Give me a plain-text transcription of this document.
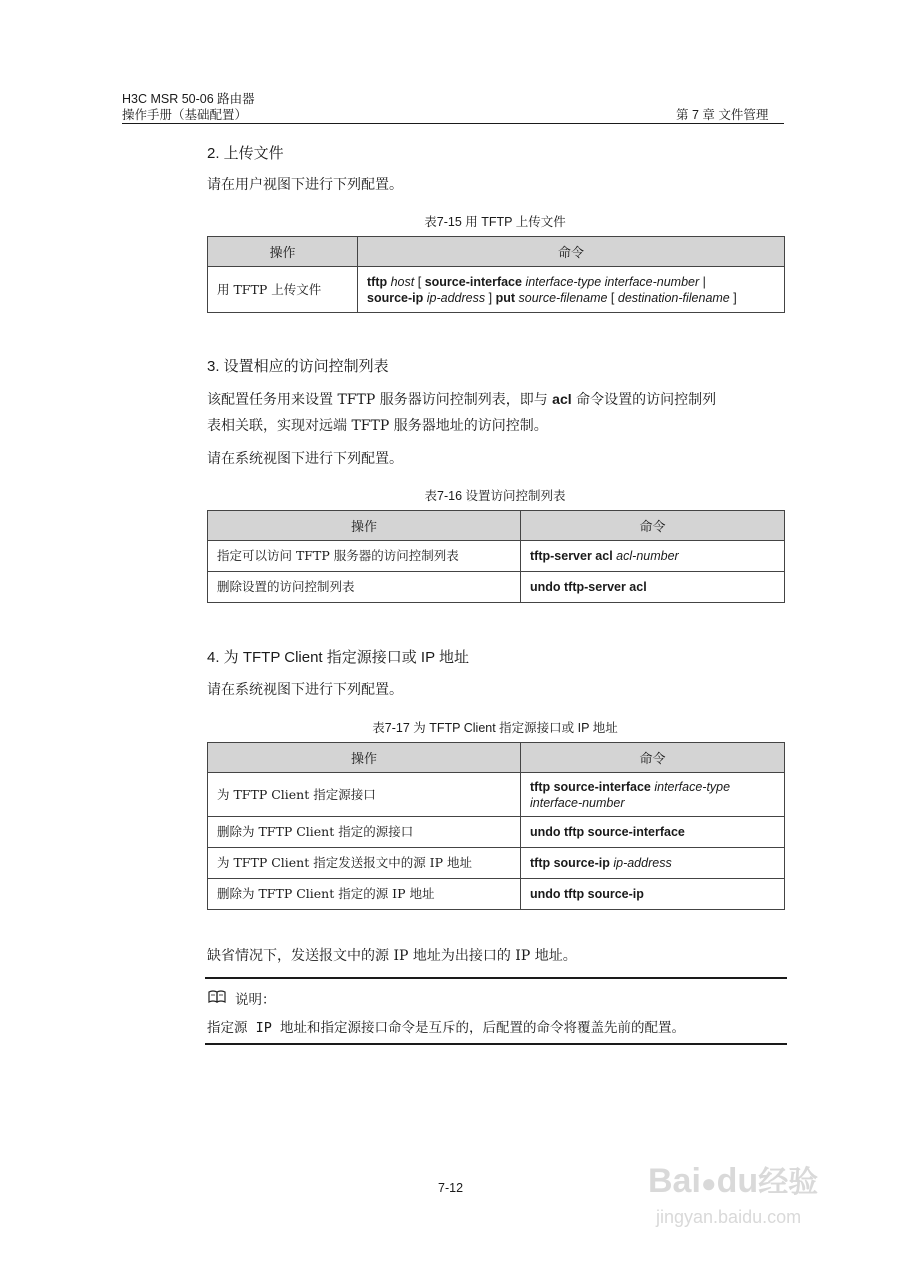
H3C MSR 50-06 路由器
操作手册（基础配置）	第 7 章 文件管理
2. 上传文件
请在用户视图下进行下列配置。
表7-15 用 TFTP 上传文件
操作	命令
用 TFTP 上传文件	tftp host [ source-interface interface-type interface-number |
source-ip ip-address ] put source-filename [ destination-filename ]
3. 设置相应的访问控制列表
该配置任务用来设置 TFTP 服务器访问控制列表，即与 acl 命令设置的访问控制列
表相关联，实现对远端 TFTP 服务器地址的访问控制。
请在系统视图下进行下列配置。
表7-16 设置访问控制列表
操作	命令
指定可以访问 TFTP 服务器的访问控制列表	tftp-server acl acl-number
删除设置的访问控制列表	undo tftp-server acl
4. 为 TFTP Client 指定源接口或 IP 地址
请在系统视图下进行下列配置。
表7-17 为 TFTP Client 指定源接口或 IP 地址
操作	命令
为 TFTP Client 指定源接口	tftp source-interface interface-type
interface-number
删除为 TFTP Client 指定的源接口	undo tftp source-interface
为 TFTP Client 指定发送报文中的源 IP 地址	tftp source-ip ip-address
删除为 TFTP Client 指定的源 IP 地址	undo tftp source-ip
缺省情况下，发送报文中的源 IP 地址为出接口的 IP 地址。
说明：
指定源 IP 地址和指定源接口命令是互斥的，后配置的命令将覆盖先前的配置。
7-12	Bai●du经验
jingyan.baidu.com
